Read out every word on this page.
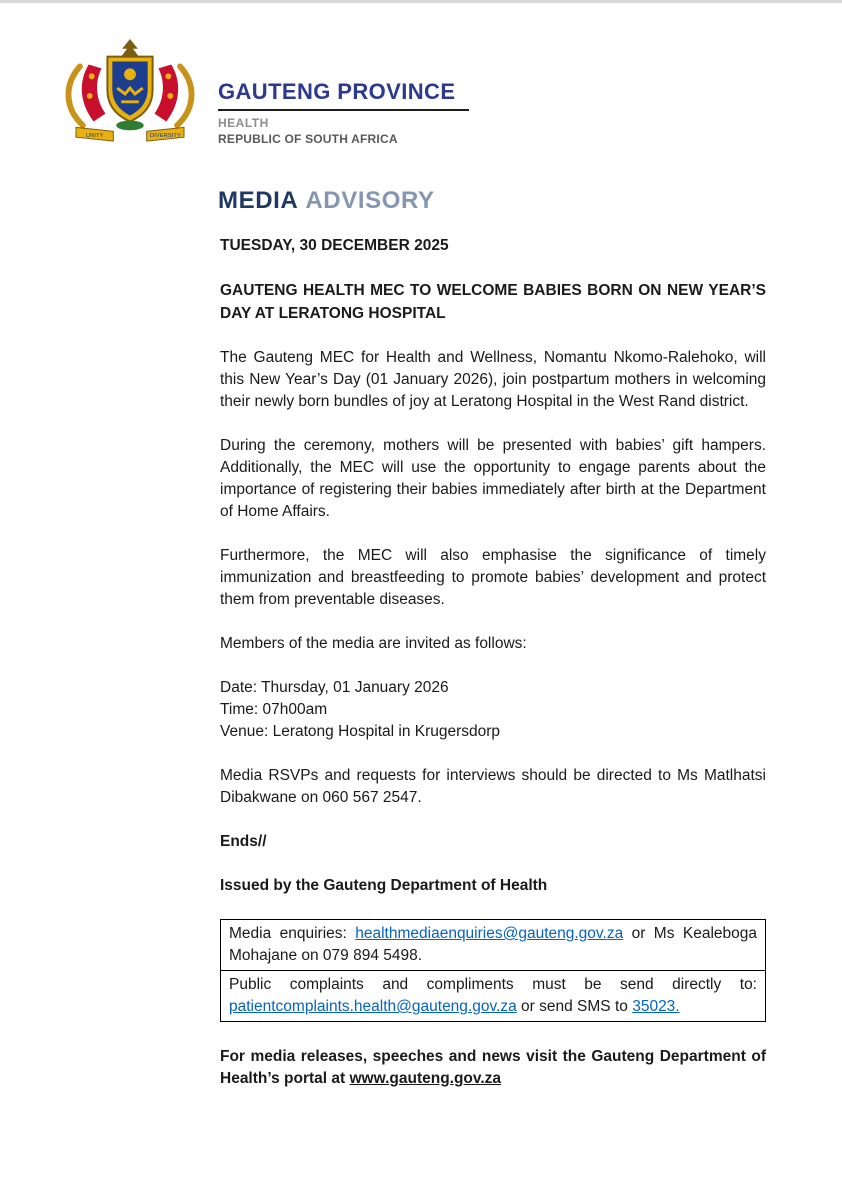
UNITY	DIVERSITY
GAUTENG PROVINCE
HEALTH
REPUBLIC OF SOUTH AFRICA
MEDIA ADVISORY

TUESDAY, 30 DECEMBER 2025

GAUTENG HEALTH MEC TO WELCOME BABIES BORN ON NEW YEAR’S DAY AT LERATONG HOSPITAL

The Gauteng MEC for Health and Wellness, Nomantu Nkomo-Ralehoko, will this New Year’s Day (01 January 2026), join postpartum mothers in welcoming their newly born bundles of joy at Leratong Hospital in the West Rand district.

During the ceremony, mothers will be presented with babies’ gift hampers. Additionally, the MEC will use the opportunity to engage parents about the importance of registering their babies immediately after birth at the Department of Home Affairs.

Furthermore, the MEC will also emphasise the significance of timely immunization and breastfeeding to promote babies’ development and protect them from preventable diseases.

Members of the media are invited as follows:

Date: Thursday, 01 January 2026

Time: 07h00am

Venue: Leratong Hospital in Krugersdorp

Media RSVPs and requests for interviews should be directed to Ms Matlhatsi Dibakwane on 060 567 2547.

Ends//

Issued by the Gauteng Department of Health

Media enquiries: healthmediaenquiries@gauteng.gov.za or Ms Kealeboga Mohajane on 079 894 5498.
Public complaints and compliments must be send directly to: patientcomplaints.health@gauteng.gov.za or send SMS to 35023.

For media releases, speeches and news visit the Gauteng Department of Health’s portal at www.gauteng.gov.za
